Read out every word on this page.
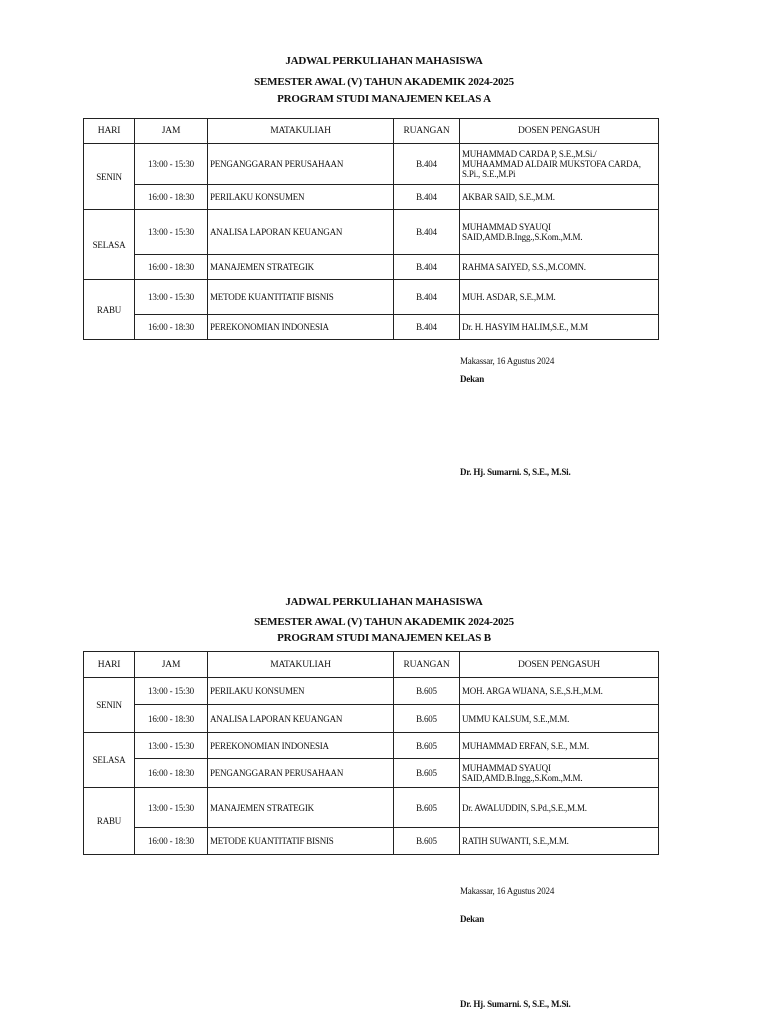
JADWAL PERKULIAHAN MAHASISWA
SEMESTER AWAL (V) TAHUN AKADEMIK 2024-2025
PROGRAM STUDI MANAJEMEN KELAS A
HARI	JAM	MATAKULIAH	RUANGAN	DOSEN PENGASUH
SENIN	13:00 - 15:30	PENGANGGARAN PERUSAHAAN	B.404	MUHAMMAD CARDA P, S.E.,M.Si./ MUHAAMMAD ALDAIR MUKSTOFA CARDA, S.Pi., S.E.,M.Pi
	16:00 - 18:30	PERILAKU KONSUMEN	B.404	AKBAR SAID, S.E.,M.M.
SELASA	13:00 - 15:30	ANALISA LAPORAN KEUANGAN	B.404	MUHAMMAD SYAUQI SAID,AMD.B.Ingg.,S.Kom.,M.M.
	16:00 - 18:30	MANAJEMEN STRATEGIK	B.404	RAHMA SAIYED, S.S.,M.COMN.
RABU	13:00 - 15:30	METODE KUANTITATIF BISNIS	B.404	MUH. ASDAR, S.E.,M.M.
	16:00 - 18:30	PEREKONOMIAN INDONESIA	B.404	Dr. H. HASYIM HALIM,S.E., M.M
Makassar, 16 Agustus 2024
Dekan
Dr. Hj. Sumarni. S, S.E., M.Si.
JADWAL PERKULIAHAN MAHASISWA
SEMESTER AWAL (V) TAHUN AKADEMIK 2024-2025
PROGRAM STUDI MANAJEMEN KELAS B
HARI	JAM	MATAKULIAH	RUANGAN	DOSEN PENGASUH
SENIN	13:00 - 15:30	PERILAKU KONSUMEN	B.605	MOH. ARGA WIJANA, S.E.,S.H.,M.M.
	16:00 - 18:30	ANALISA LAPORAN KEUANGAN	B.605	UMMU KALSUM, S.E.,M.M.
SELASA	13:00 - 15:30	PEREKONOMIAN INDONESIA	B.605	MUHAMMAD ERFAN, S.E., M.M.
	16:00 - 18:30	PENGANGGARAN PERUSAHAAN	B.605	MUHAMMAD SYAUQI SAID,AMD.B.Ingg.,S.Kom.,M.M.
RABU	13:00 - 15:30	MANAJEMEN STRATEGIK	B.605	Dr. AWALUDDIN, S.Pd.,S.E.,M.M.
	16:00 - 18:30	METODE KUANTITATIF BISNIS	B.605	RATIH SUWANTI, S.E.,M.M.
Makassar, 16 Agustus 2024
Dekan
Dr. Hj. Sumarni. S, S.E., M.Si.
